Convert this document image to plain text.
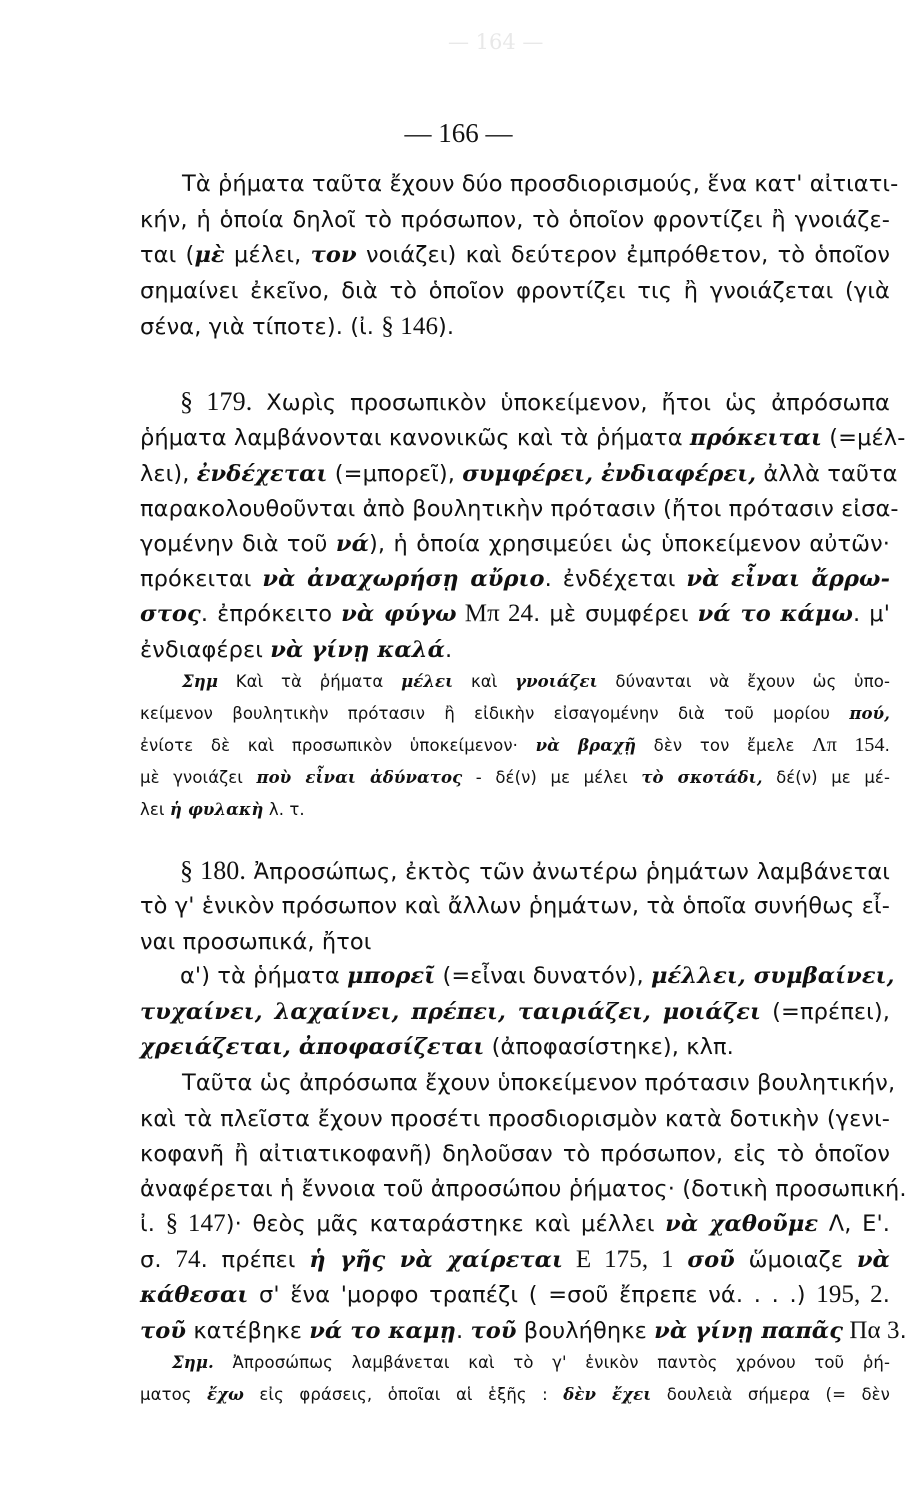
— 164 —
— 166 —
Τὰ ῥήματα ταῦτα ἔχουν δύο προσδιορισμούς, ἕνα κατ' αἰτιατι-
κήν, ἡ ὁποία δηλοῖ τὸ πρόσωπον, τὸ ὁποῖον φροντίζει ἢ γνοιάζε-
ται (μὲ μέλει, τον νοιάζει) καὶ δεύτερον ἐμπρόθετον, τὸ ὁποῖον
σημαίνει ἐκεῖνο, διὰ τὸ ὁποῖον φροντίζει τις ἢ γνοιάζεται (γιὰ
σένα, γιὰ τίποτε). (ἰ. § 146).
§ 179. Χωρὶς προσωπικὸν ὑποκείμενον, ἤτοι ὡς ἀπρόσωπα
ῥήματα λαμβάνονται κανονικῶς καὶ τὰ ῥήματα πρόκειται (=μέλ-
λει), ἐνδέχεται (=μπορεῖ), συμφέρει, ἐνδιαφέρει, ἀλλὰ ταῦτα
παρακολουθοῦνται ἀπὸ βουλητικὴν πρότασιν (ἤτοι πρότασιν εἰσα-
γομένην διὰ τοῦ νά), ἡ ὁποία χρησιμεύει ὡς ὑποκείμενον αὐτῶν·
πρόκειται νὰ ἀναχωρήσῃ αὔριο. ἐνδέχεται νὰ εἶναι ἄρρω-
στος. ἐπρόκειτο νὰ φύγω Μπ 24. μὲ συμφέρει νά το κάμω. μ'
ἐνδιαφέρει νὰ γίνῃ καλά.
Σημ Καὶ τὰ ῥήματα μέλει καὶ γνοιάζει δύνανται νὰ ἔχουν ὡς ὑπο-
κείμενον βουλητικὴν πρότασιν ἢ εἰδικὴν εἰσαγομένην διὰ τοῦ μορίου πού,
ἐνίοτε δὲ καὶ προσωπικὸν ὑποκείμενον· νὰ βραχῇ δὲν τον ἔμελε Λπ 154.
μὲ γνοιάζει ποὺ εἶναι ἀδύνατος - δέ(ν) με μέλει τὸ σκοτάδι, δέ(ν) με μέ-
λει ἡ φυλακὴ λ. τ.
§ 180. Ἀπροσώπως, ἐκτὸς τῶν ἀνωτέρω ῥημάτων λαμβάνεται
τὸ γ' ἑνικὸν πρόσωπον καὶ ἄλλων ῥημάτων, τὰ ὁποῖα συνήθως εἶ-
ναι προσωπικά, ἤτοι
α') τὰ ῥήματα μπορεῖ (=εἶναι δυνατόν), μέλλει, συμβαίνει,
τυχαίνει, λαχαίνει, πρέπει, ταιριάζει, μοιάζει (=πρέπει),
χρειάζεται, ἀποφασίζεται (ἀποφασίστηκε), κλπ.
Ταῦτα ὡς ἀπρόσωπα ἔχουν ὑποκείμενον πρότασιν βουλητικήν,
καὶ τὰ πλεῖστα ἔχουν προσέτι προσδιορισμὸν κατὰ δοτικὴν (γενι-
κοφανῆ ἢ αἰτιατικοφανῆ) δηλοῦσαν τὸ πρόσωπον, εἰς τὸ ὁποῖον
ἀναφέρεται ἡ ἔννοια τοῦ ἀπροσώπου ῥήματος· (δοτικὴ προσωπική.
ἰ. § 147)· θεὸς μᾶς καταράστηκε καὶ μέλλει νὰ χαθοῦμε Λ, Ε'.
σ. 74. πρέπει ἡ γῆς νὰ χαίρεται Ε 175, 1 σοῦ ὥμοιαζε νὰ
κάθεσαι σ' ἕνα 'μορφο τραπέζι ( =σοῦ ἔπρεπε νά. . . .) 195, 2.
τοῦ κατέβηκε νά το καμῃ. τοῦ βουλήθηκε νὰ γίνῃ παπᾶς Πα 3.
Σημ. Ἀπροσώπως λαμβάνεται καὶ τὸ γ' ἑνικὸν παντὸς χρόνου τοῦ ῥή-
ματος ἔχω εἰς φράσεις, ὁποῖαι αἱ ἑξῆς : δὲν ἔχει δουλειὰ σήμερα (= δὲν
